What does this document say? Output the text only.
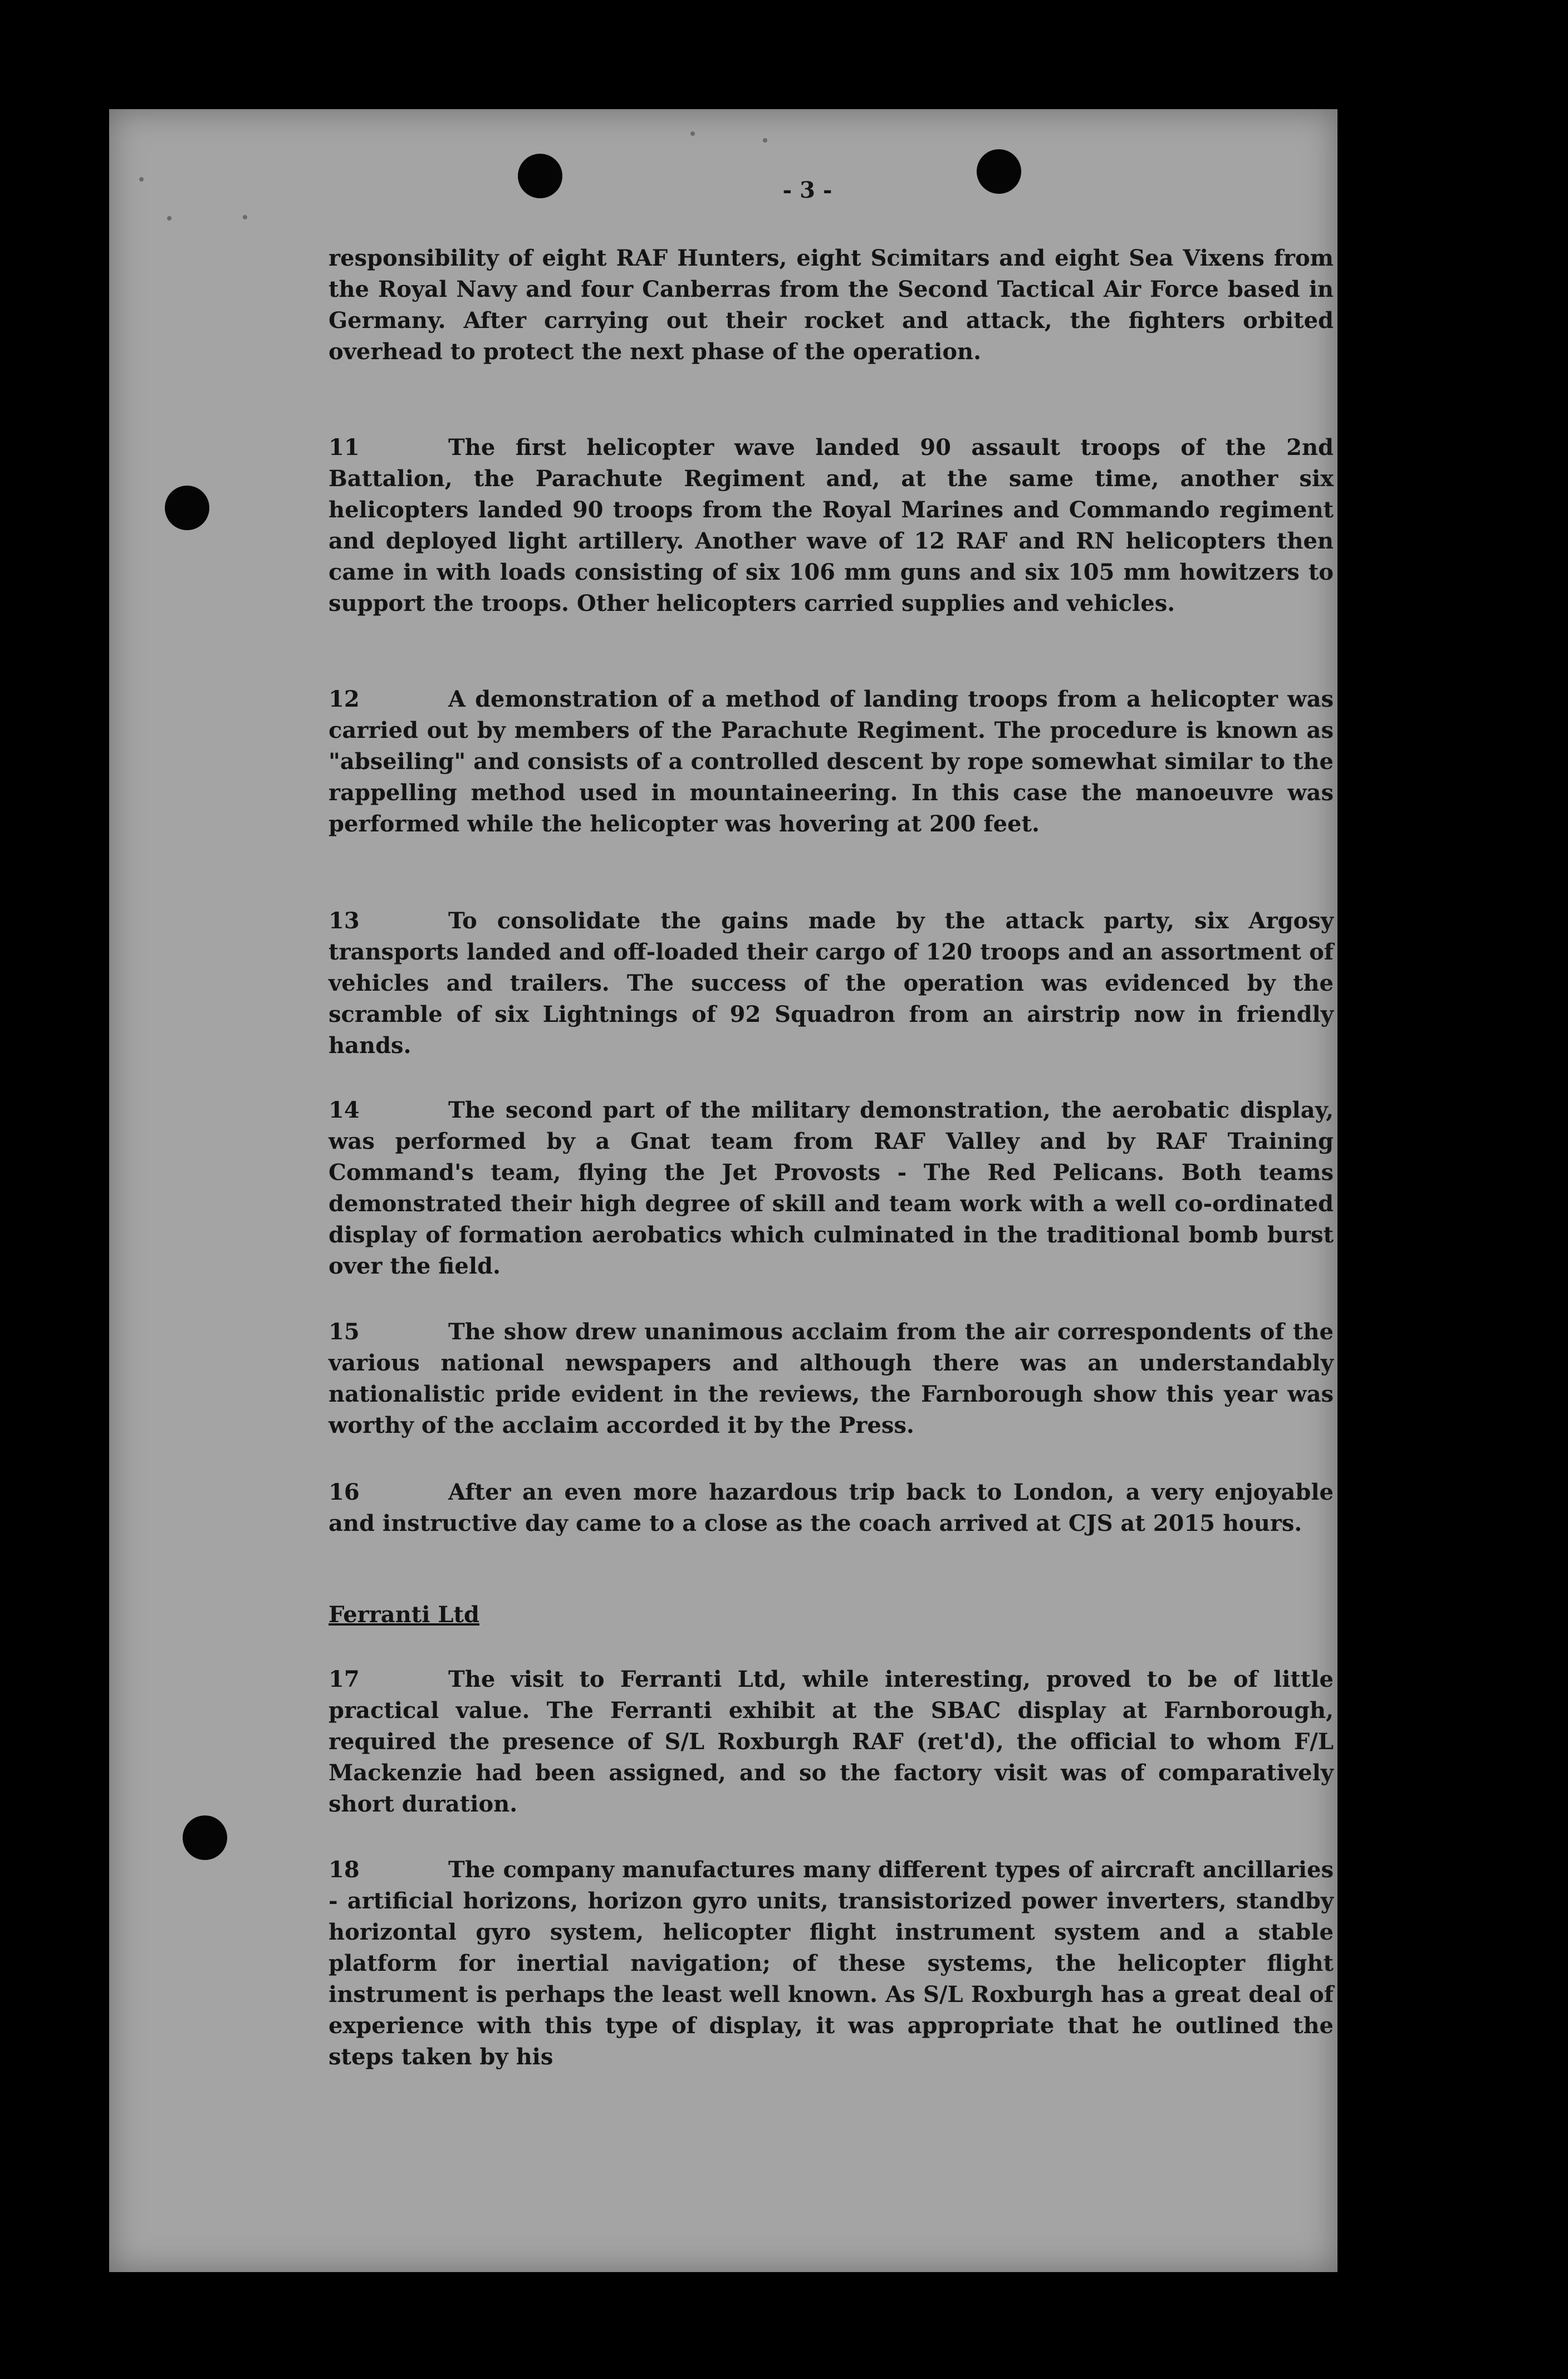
- 3 -
responsibility of eight RAF Hunters, eight Scimitars and eight Sea Vixens from the Royal Navy and four Canberras from the Second Tactical Air Force based in Germany. After carrying out their rocket and attack, the fighters orbited overhead to protect the next phase of the operation.
11	The first helicopter wave landed 90 assault troops of the 2nd Battalion, the Parachute Regiment and, at the same time, another six helicopters landed 90 troops from the Royal Marines and Commando regiment and deployed light artillery. Another wave of 12 RAF and RN helicopters then came in with loads consisting of six 106 mm guns and six 105 mm howitzers to support the troops. Other helicopters carried supplies and vehicles.
12	A demonstration of a method of landing troops from a helicopter was carried out by members of the Parachute Regiment. The procedure is known as "abseiling" and consists of a controlled descent by rope somewhat similar to the rappelling method used in mountaineering. In this case the manoeuvre was performed while the helicopter was hovering at 200 feet.
13	To consolidate the gains made by the attack party, six Argosy transports landed and off-loaded their cargo of 120 troops and an assortment of vehicles and trailers. The success of the operation was evidenced by the scramble of six Lightnings of 92 Squadron from an airstrip now in friendly hands.
14	The second part of the military demonstration, the aerobatic display, was performed by a Gnat team from RAF Valley and by RAF Training Command's team, flying the Jet Provosts - The Red Pelicans. Both teams demonstrated their high degree of skill and team work with a well co-ordinated display of formation aerobatics which culminated in the traditional bomb burst over the field.
15	The show drew unanimous acclaim from the air correspondents of the various national newspapers and although there was an understandably nationalistic pride evident in the reviews, the Farnborough show this year was worthy of the acclaim accorded it by the Press.
16	After an even more hazardous trip back to London, a very enjoyable and instructive day came to a close as the coach arrived at CJS at 2015 hours.
Ferranti Ltd
17	The visit to Ferranti Ltd, while interesting, proved to be of little practical value. The Ferranti exhibit at the SBAC display at Farnborough, required the presence of S/L Roxburgh RAF (ret'd), the official to whom F/L Mackenzie had been assigned, and so the factory visit was of comparatively short duration.
18	The company manufactures many different types of aircraft ancillaries - artificial horizons, horizon gyro units, transistorized power inverters, standby horizontal gyro system, helicopter flight instrument system and a stable platform for inertial navigation; of these systems, the helicopter flight instrument is perhaps the least well known. As S/L Roxburgh has a great deal of experience with this type of display, it was appropriate that he outlined the steps taken by his
